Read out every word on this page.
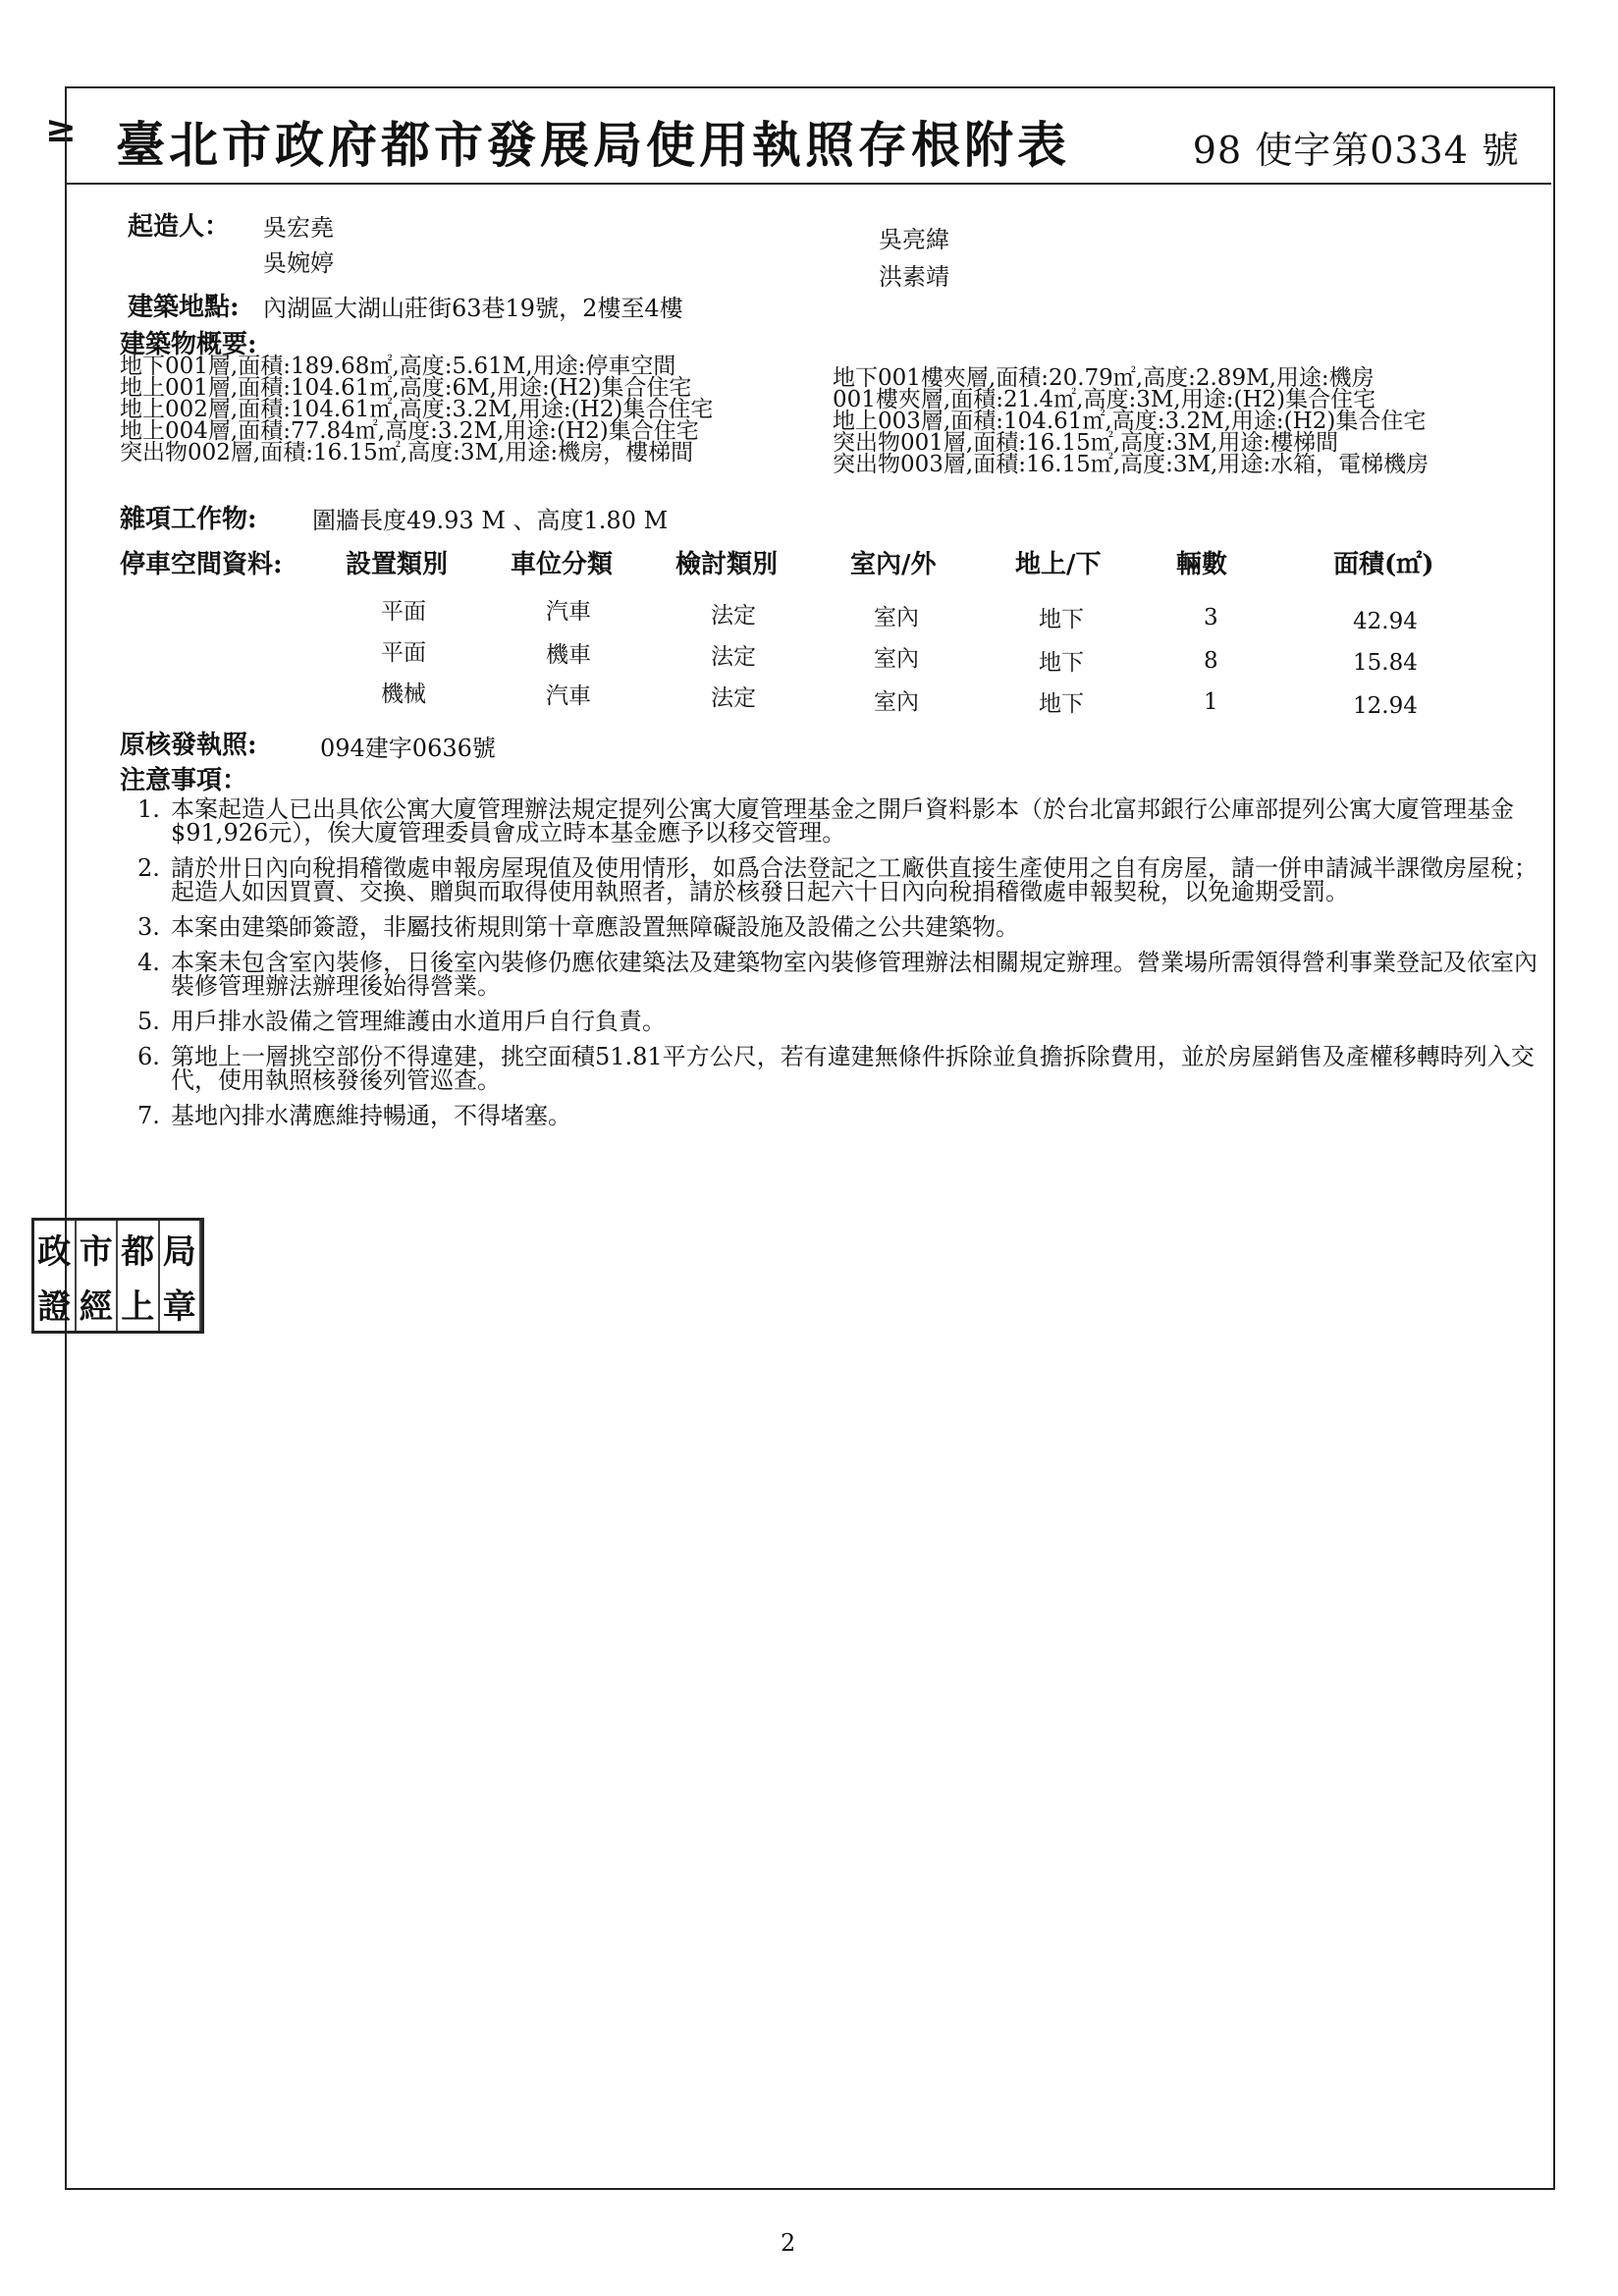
≥ 臺北市政府都市發展局使用執照存根附表	98 使字第0334 號
起造人： 吳宏堯
吳婉婷
吳亮緯
洪素靖
建築地點: 內湖區大湖山莊街63巷19號，2樓至4樓
建築物概要:
地下001層,面積:189.68㎡,高度:5.61M,用途:停車空間
地上001層,面積:104.61㎡,高度:6M,用途:(H2)集合住宅
地上002層,面積:104.61㎡,高度:3.2M,用途:(H2)集合住宅
地上004層,面積:77.84㎡,高度:3.2M,用途:(H2)集合住宅
突出物002層,面積:16.15㎡,高度:3M,用途:機房，樓梯間
地下001樓夾層,面積:20.79㎡,高度:2.89M,用途:機房
001樓夾層,面積:21.4㎡,高度:3M,用途:(H2)集合住宅
地上003層,面積:104.61㎡,高度:3.2M,用途:(H2)集合住宅
突出物001層,面積:16.15㎡,高度:3M,用途:樓梯間
突出物003層,面積:16.15㎡,高度:3M,用途:水箱，電梯機房
雜項工作物: 圍牆長度49.93 M 、高度1.80 M
停車空間資料: 設置類別 車位分類 檢討類別	室內/外	地上/下	輛數	面積(㎡)
平面	汽車	法定	室內	地下	3	42.94
平面	機車	法定	室內	地下	8	15.84
機械	汽車	法定	室內	地下	1	12.94
原核發執照:	094建字0636號
注意事項：
1. 本案起造人已出具依公寓大廈管理辦法規定提列公寓大廈管理基金之開戶資料影本（於台北富邦銀行公庫部提列公寓大廈管理基金$91,926元），俟大廈管理委員會成立時本基金應予以移交管理。
2. 請於卅日內向稅捐稽徵處申報房屋現值及使用情形，如爲合法登記之工廠供直接生產使用之自有房屋，請一併申請減半課徵房屋稅；起造人如因買賣、交換、贈與而取得使用執照者，請於核發日起六十日內向稅捐稽徵處申報契稅，以免逾期受罰。
3. 本案由建築師簽證，非屬技術規則第十章應設置無障礙設施及設備之公共建築物。
4. 本案未包含室內裝修，日後室內裝修仍應依建築法及建築物室內裝修管理辦法相關規定辦理。營業場所需領得營利事業登記及依室內裝修管理辦法辦理後始得營業。
5. 用戶排水設備之管理維護由水道用戶自行負責。
6. 第地上一層挑空部份不得違建，挑空面積51.81平方公尺，若有違建無條件拆除並負擔拆除費用，並於房屋銷售及產權移轉時列入交代，使用執照核發後列管巡查。
7. 基地內排水溝應維持暢通，不得堵塞。
政 市 都 局
證 經 上 章
2
